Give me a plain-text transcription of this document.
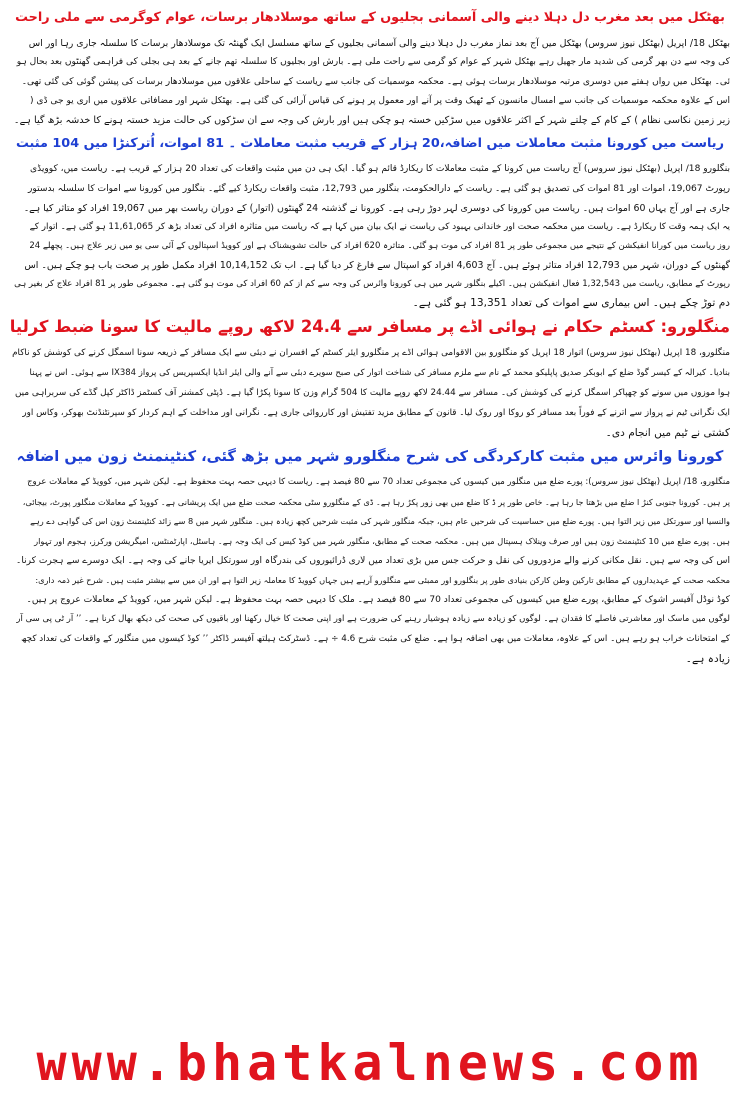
بھٹکل میں بعد مغرب دل دہلا دینے والی آسمانی بجلیوں کے ساتھ موسلادھار برسات، عوام کوگرمی سے ملی راحت
بھٹکل 18/ اپریل (بھٹکل نیوز سروس) بھٹکل میں آج بعد نماز مغرب دل دہلا دینے والی آسمانی بجلیوں کے ساتھ مسلسل ایک گھنٹہ تک موسلادھار برسات کا سلسلہ جاری رہا اور اس
کی وجہ سے دن بھر گرمی کی شدید مار جھیل رہے بھٹکل شہر کے عوام کو گرمی سے راحت ملی ہے۔ بارش اور بجلیوں کا سلسلہ تھم جانے کے بعد ہی بجلی کی فراہمی گھنٹوں بعد بحال ہو
ئی۔ بھٹکل میں رواں ہفتے میں دوسری مرتبہ موسلادھار برسات ہوئی ہے۔ محکمہ موسمیات کی جانب سے ریاست کے ساحلی علاقوں میں موسلادھار برسات کی پیشن گوئی کی گئی تھی۔
اس کے علاوہ محکمہ موسمیات کی جانب سے امسال مانسون کے ٹھیک وقت پر آنے اور معمول پر ہونے کی قیاس آرائی کی گئی ہے۔ بھٹکل شہر اور مضافاتی علاقوں میں اری یو جی ڈی (
زیر زمین نکاسی نظام ) کے کام کے چلتے شہر کے اکثر علاقوں میں سڑکیں خستہ ہو چکی ہیں اور بارش کی وجہ سے ان سڑکوں کی حالت مزید خستہ ہونے کا خدشہ بڑھ گیا ہے۔
ریاست میں کورونا مثبت معاملات میں اضافہ،20 ہزار کے قریب مثبت معاملات ۔ 81 اموات، اُترکنڑا میں 104 مثبت
بنگلورو 18/ اپریل (بھٹکل نیوز سروس) آج ریاست میں کرونا کے مثبت معاملات کا ریکارڈ قائم ہو گیا۔ ایک ہی دن میں مثبت واقعات کی تعداد 20 ہزار کے قریب ہے۔ ریاست میں، کوویڈی
رپورٹ 19,067، اموات اور 81 اموات کی تصدیق ہو گئی ہے۔ ریاست کے دارالحکومت، بنگلور میں 12,793، مثبت واقعات ریکارڈ کیے گئے۔ بنگلور میں کورونا سے اموات کا سلسلہ بدستور
جاری ہے اور آج یہاں 60 اموات ہیں۔ ریاست میں کورونا کی دوسری لہر دوڑ رہی ہے۔ کورونا نے گذشتہ 24 گھنٹوں (اتوار) کے دوران ریاست بھر میں 19,067 افراد کو متاثر کیا ہے۔
یہ ایک ہمہ وقت کا ریکارڈ ہے۔ ریاست میں محکمہ صحت اور خاندانی بہبود کی ریاست نے ایک بیان میں کہا ہے کہ ریاست میں متاثرہ افراد کی تعداد بڑھ کر 11,61,065 ہو گئی ہے۔ اتوار کے
روز ریاست میں کورانا انفیکشن کے نتیجے میں مجموعی طور پر 81 افراد کی موت ہو گئی۔ متاثرہ 620 افراد کی حالت تشویشناک ہے اور کوویڈ اسپتالوں کے آئی سی یو میں زیر علاج ہیں۔ پچھلے 24
گھنٹوں کے دوران، شہر میں 12,793 افراد متاثر ہوئے ہیں۔ آج 4,603 افراد کو اسپتال سے فارغ کر دیا گیا ہے۔ اب تک 10,14,152 افراد مکمل طور پر صحت یاب ہو چکے ہیں۔ اس
رپورٹ کے مطابق، ریاست میں 1,32,543 فعال انفیکشن ہیں۔ اکیلے بنگلور شہر میں ہی کورونا وائرس کی وجہ سے کم از کم 60 افراد کی موت ہو گئی ہے۔ مجموعی طور پر 81 افراد علاج کر بغیر ہی
دم توڑ چکے ہیں۔ اس بیماری سے اموات کی تعداد 13,351 ہو گئی ہے۔
منگلورو: کسٹم حکام نے ہوائی اڈے پر مسافر سے 24.4 لاکھ روپے مالیت کا سونا ضبط کرلیا
منگلورو، 18 اپریل (بھٹکل نیوز سروس) اتوار 18 اپریل کو منگلورو بین الاقوامی ہوائی اڈے پر منگلورو ایئر کسٹم کے افسران نے دبئی سے ایک مسافر کے ذریعہ سونا اسمگل کرنے کی کوشش کو ناکام
بنادیا۔ کیرالہ کے کیسر گوڈ ضلع کے ابوبکر صدیق پاپلیکو محمد کے نام سے ملزم مسافر کی شناخت اتوار کی صبح سویرے دبئی سے آنے والی ایئر انڈیا ایکسپریس کی پرواز IX384 سے ہوئی۔ اس نے پہنا
ہوا موزوں میں سونے کو چھپاکر اسمگل کرنے کی کوشش کی۔ مسافر سے 24.44 لاکھ روپے مالیت کا 504 گرام وزن کا سونا پکڑا گیا ہے۔ ڈپٹی کمشنر آف کسٹمز ڈاکٹر کپل گڈے کی سربراہی میں
ایک نگرانی ٹیم نے پرواز سے اترنے کے فوراً بعد مسافر کو روکا اور روک لیا۔ قانون کے مطابق مزید تفتیش اور کارروائی جاری ہے۔ نگرانی اور مداخلت کے اہم کردار کو سپرنٹنڈنٹ بھوکر، وکاس اور
کشتی نے ٹیم میں انجام دی۔
کورونا وائرس میں مثبت کارکردگی کی شرح منگلورو شہر میں بڑھ گئی، کنٹینمنٹ زون میں اضافہ
منگلورو، 18/ اپریل (بھٹکل نیوز سروس): پورے ضلع میں منگلور میں کیسوں کی مجموعی تعداد 70 سے 80 فیصد ہے۔ ریاست کا دیہی حصہ بہت محفوظ ہے۔ لیکن شہر میں، کوویڈ کے معاملات عروج
پر ہیں۔ کورونا جنوبی کنڑ ا ضلع میں بڑھتا جا رہا ہے۔ خاص طور پر ڈ کا ضلع میں بھی زور پکڑ رہا ہے۔ ڈی کے منگلورو سٹی محکمہ صحت ضلع میں ایک پریشانی ہے۔ کوویڈ کے معاملات منگلور پورٹ، بیجائی،
والنسیا اور سورتکل میں زیر التوا ہیں۔ پورے ضلع میں حساسیت کی شرحیں عام ہیں، جبکہ منگلور شہر کی مثبت شرحیں کچھ زیادہ ہیں۔ منگلور شہر میں 8 سے زائد کنٹینمنٹ زون اس کی گواہی دے رہے
ہیں۔ پورے ضلع میں 10 کنٹینمنٹ زون ہیں اور صرف وینلاک ہسپتال میں ہیں۔ محکمہ صحت کے مطابق، منگلور شہر میں کوڈ کیس کی ایک وجہ ہے۔ ہاسٹل، اپارٹمنٹس، امیگریشن ورکرز، ہجوم اور تہوار
اس کی وجہ سے ہیں۔ نقل مکانی کرنے والے مزدوروں کی نقل و حرکت جس میں بڑی تعداد میں لاری ڈرائیوروں کی بندرگاہ اور سورتکل ایریا جانے کی وجہ ہے۔ ایک دوسرے سے ہجرت کرنا۔
محکمہ صحت کے عہدیداروں کے مطابق تارکین وطن کارکن بنیادی طور پر بنگلورو اور ممبئی سے منگلورو آرہے ہیں جہاں کوویڈ کا معاملہ زیر التوا ہے اور ان میں سے بیشتر مثبت ہیں۔ شرح غیر ذمہ داری:
کوڈ نوڈل آفیسر اشوک کے مطابق، پورے ضلع میں کیسوں کی مجموعی تعداد 70 سے 80 فیصد ہے۔ ملک کا دیہی حصہ بہت محفوظ ہے۔ لیکن شہر میں، کوویڈ کے معاملات عروج پر ہیں۔
لوگوں میں ماسک اور معاشرتی فاصلے کا فقدان ہے۔ لوگوں کو زیادہ سے زیادہ ہوشیار رہنے کی ضرورت ہے اور اپنی صحت کا خیال رکھنا اور باقیوں کی صحت کی دیکھ بھال کرنا ہے۔ ’’ آر ٹی پی سی آر
کے امتحانات خراب ہو رہے ہیں۔ اس کے علاوہ، معاملات میں بھی اضافہ ہوا ہے۔ ضلع کی مثبت شرح 4.6 ÷ ہے۔ ڈسٹرکٹ ہیلتھ آفیسر ڈاکٹر ’’ کوڈ کیسوں میں منگلور کے واقعات کی تعداد کچھ
زیادہ ہے۔
www.bhatkalnews.com
